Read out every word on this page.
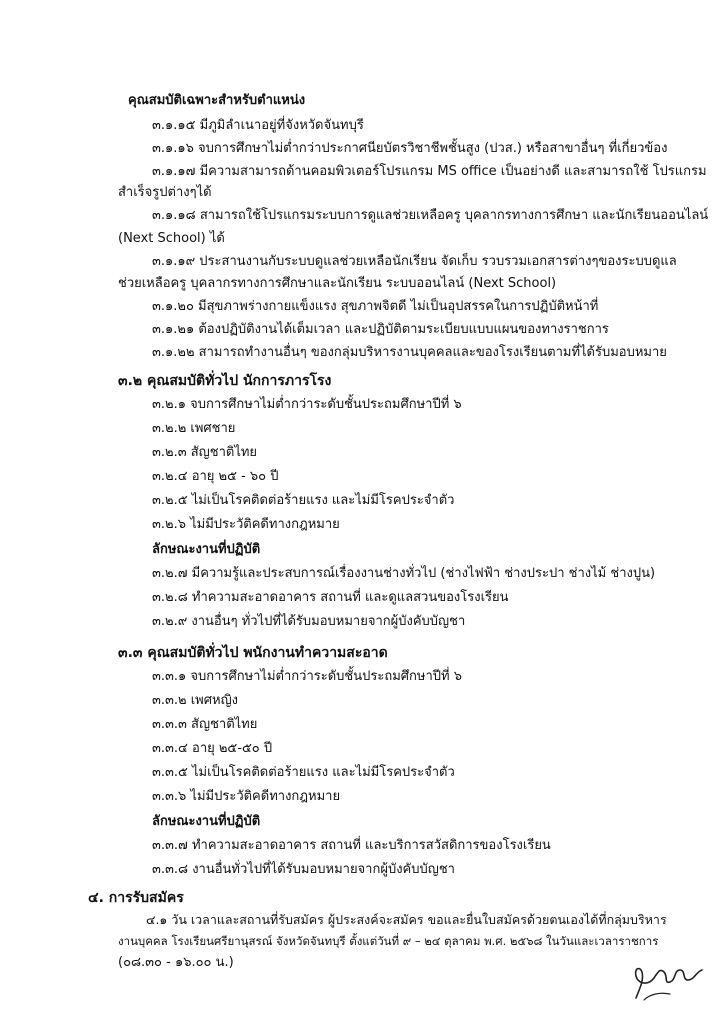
คุณสมบัติเฉพาะสำหรับตำแหน่ง
๓.๑.๑๕ มีภูมิลำเนาอยู่ที่จังหวัดจันทบุรี
๓.๑.๑๖ จบการศึกษาไม่ต่ำกว่าประกาศนียบัตรวิชาชีพชั้นสูง (ปวส.) หรือสาขาอื่นๆ ที่เกี่ยวข้อง
๓.๑.๑๗ มีความสามารถด้านคอมพิวเตอร์โปรแกรม MS office เป็นอย่างดี และสามารถใช้ โปรแกรม
สำเร็จรูปต่างๆได้
๓.๑.๑๘ สามารถใช้โปรแกรมระบบการดูแลช่วยเหลือครู บุคลากรทางการศึกษา และนักเรียนออนไลน์
(Next School) ได้
๓.๑.๑๙ ประสานงานกับระบบดูแลช่วยเหลือนักเรียน จัดเก็บ รวบรวมเอกสารต่างๆของระบบดูแล
ช่วยเหลือครู บุคลากรทางการศึกษาและนักเรียน ระบบออนไลน์ (Next School)
๓.๑.๒๐ มีสุขภาพร่างกายแข็งแรง สุขภาพจิตดี ไม่เป็นอุปสรรคในการปฏิบัติหน้าที่
๓.๑.๒๑ ต้องปฏิบัติงานได้เต็มเวลา และปฏิบัติตามระเบียบแบบแผนของทางราชการ
๓.๑.๒๒ สามารถทำงานอื่นๆ ของกลุ่มบริหารงานบุคคลและของโรงเรียนตามที่ได้รับมอบหมาย
๓.๒ คุณสมบัติทั่วไป นักการภารโรง
๓.๒.๑ จบการศึกษาไม่ต่ำกว่าระดับชั้นประถมศึกษาปีที่ ๖
๓.๒.๒ เพศชาย
๓.๒.๓ สัญชาติไทย
๓.๒.๔ อายุ ๒๕ - ๖๐ ปี
๓.๒.๕ ไม่เป็นโรคติดต่อร้ายแรง และไม่มีโรคประจำตัว
๓.๒.๖ ไม่มีประวัติคดีทางกฎหมาย
ลักษณะงานที่ปฏิบัติ
๓.๒.๗ มีความรู้และประสบการณ์เรื่องงานช่างทั่วไป (ช่างไฟฟ้า ช่างประปา ช่างไม้ ช่างปูน)
๓.๒.๘ ทำความสะอาดอาคาร สถานที่ และดูแลสวนของโรงเรียน
๓.๒.๙ งานอื่นๆ ทั่วไปที่ได้รับมอบหมายจากผู้บังคับบัญชา
๓.๓ คุณสมบัติทั่วไป พนักงานทำความสะอาด
๓.๓.๑ จบการศึกษาไม่ต่ำกว่าระดับชั้นประถมศึกษาปีที่ ๖
๓.๓.๒ เพศหญิง
๓.๓.๓ สัญชาติไทย
๓.๓.๔ อายุ ๒๕-๕๐ ปี
๓.๓.๕ ไม่เป็นโรคติดต่อร้ายแรง และไม่มีโรคประจำตัว
๓.๓.๖ ไม่มีประวัติคดีทางกฎหมาย
ลักษณะงานที่ปฏิบัติ
๓.๓.๗ ทำความสะอาดอาคาร สถานที่ และบริการสวัสดิการของโรงเรียน
๓.๓.๘ งานอื่นทั่วไปที่ได้รับมอบหมายจากผู้บังคับบัญชา
๔. การรับสมัคร
๔.๑ วัน เวลาและสถานที่รับสมัคร ผู้ประสงค์จะสมัคร ขอและยื่นใบสมัครด้วยตนเองได้ที่กลุ่มบริหาร
งานบุคคล โรงเรียนศรียานุสรณ์ จังหวัดจันทบุรี ตั้งแต่วันที่ ๙ – ๒๔ ตุลาคม พ.ศ. ๒๕๖๘ ในวันและเวลาราชการ
(๐๘.๓๐ - ๑๖.๐๐ น.)
